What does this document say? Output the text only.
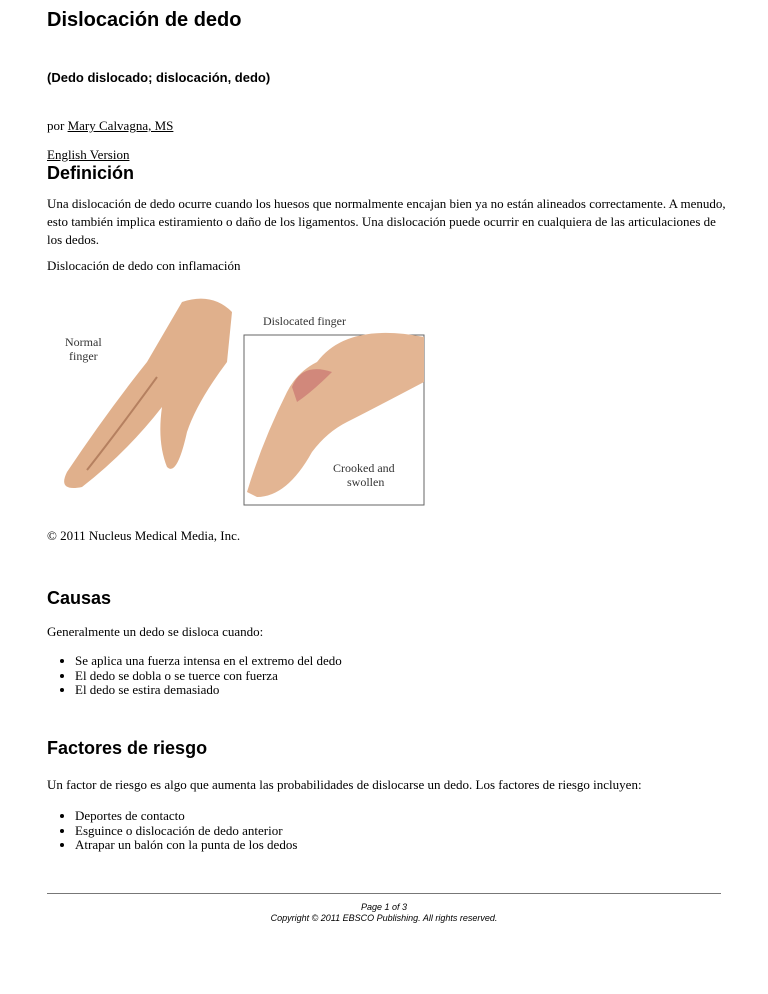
Dislocación de dedo

(Dedo dislocado; dislocación, dedo)

por Mary Calvagna, MS

English Version

Definición

Una dislocación de dedo ocurre cuando los huesos que normalmente encajan bien ya no están alineados correctamente. A menudo, esto también implica estiramiento o daño de los ligamentos. Una dislocación puede ocurrir en cualquiera de las articulaciones de los dedos.

Dislocación de dedo con inflamación

Dislocated finger
Normal
finger
Crooked and
swollen

© 2011 Nucleus Medical Media, Inc.

Causas

Generalmente un dedo se disloca cuando:

• Se aplica una fuerza intensa en el extremo del dedo
• El dedo se dobla o se tuerce con fuerza
• El dedo se estira demasiado
Factores de riesgo

Un factor de riesgo es algo que aumenta las probabilidades de dislocarse un dedo. Los factores de riesgo incluyen:

• Deportes de contacto
• Esguince o dislocación de dedo anterior
• Atrapar un balón con la punta de los dedos
Page 1 of 3
Copyright © 2011 EBSCO Publishing. All rights reserved.
